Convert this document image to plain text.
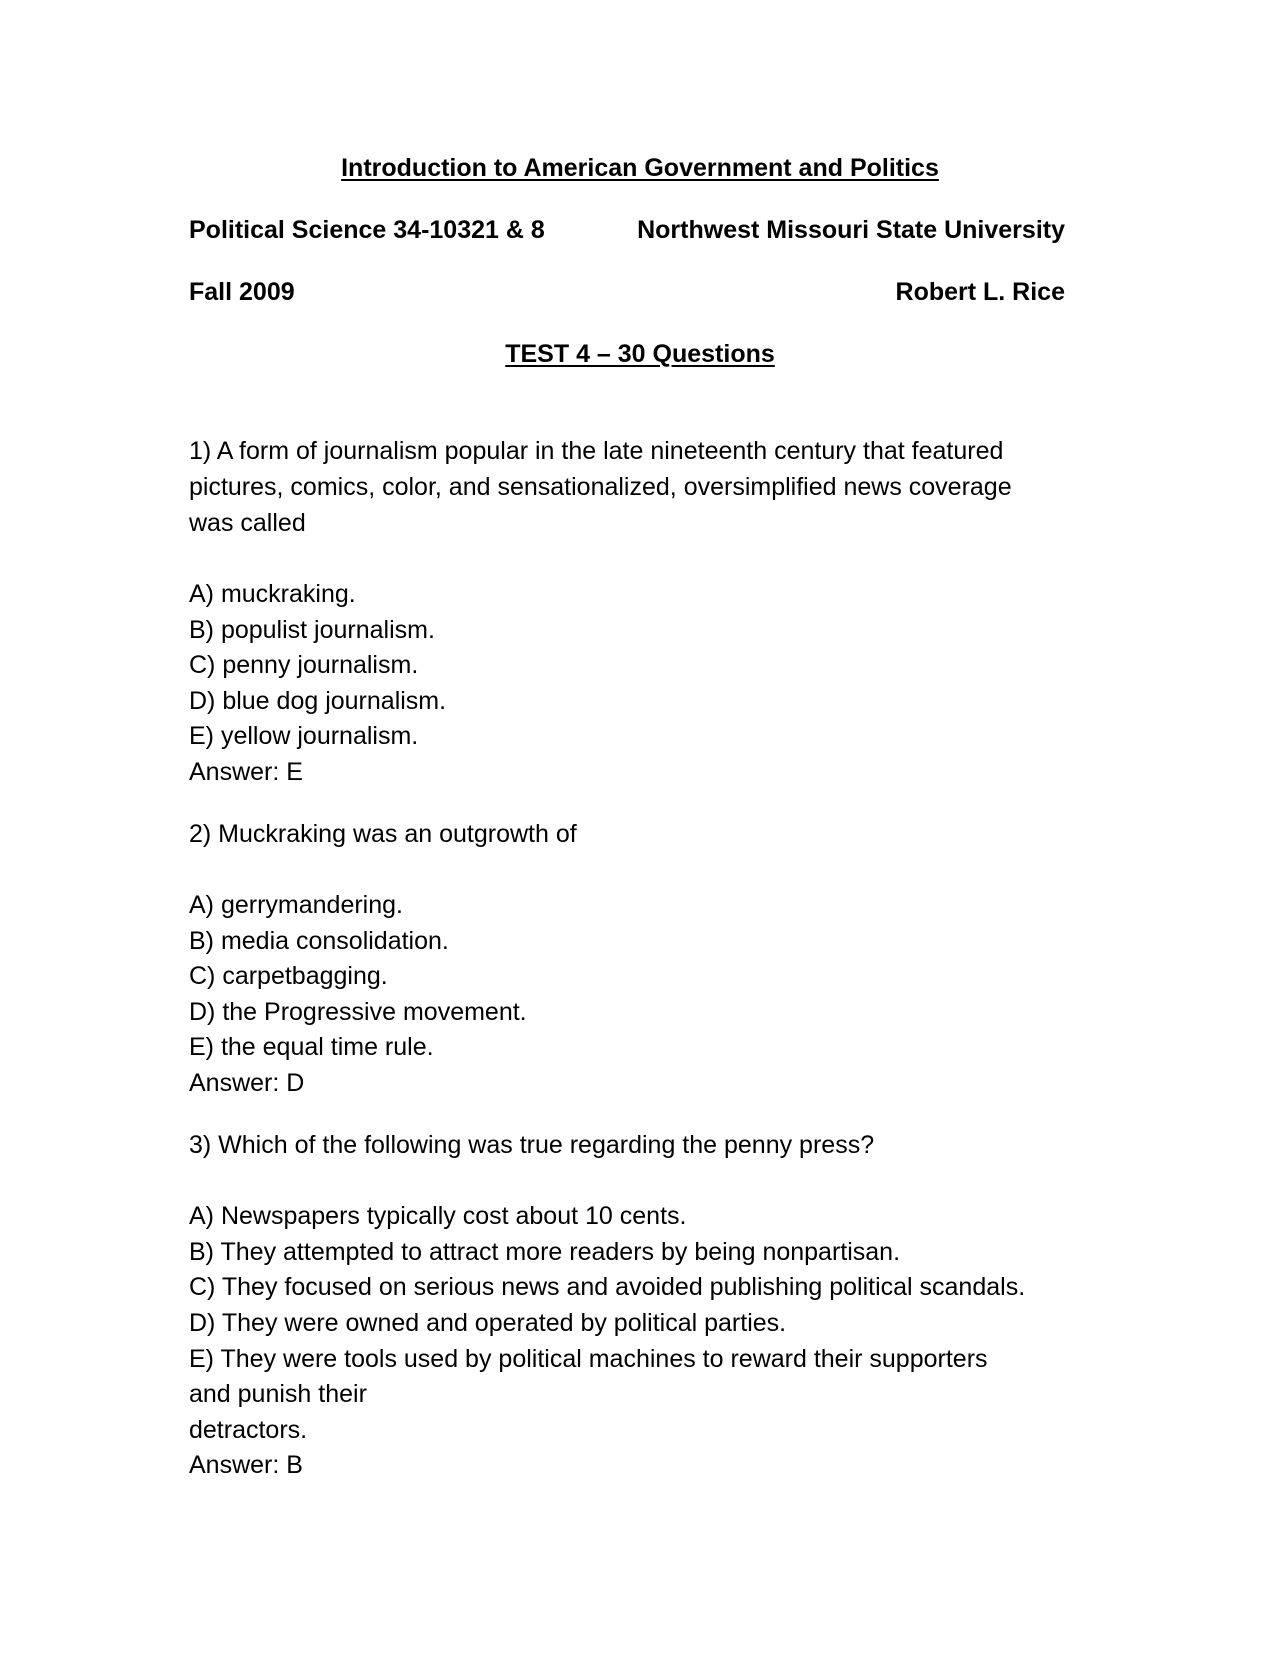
Introduction to American Government and Politics
Political Science 34-10321 & 8	Northwest Missouri State University
Fall 2009	Robert L. Rice
TEST 4 – 30 Questions
1) A form of journalism popular in the late nineteenth century that featured
pictures, comics, color, and sensationalized, oversimplified news coverage
was called
A) muckraking.
B) populist journalism.
C) penny journalism.
D) blue dog journalism.
E) yellow journalism.
Answer: E
2) Muckraking was an outgrowth of
A) gerrymandering.
B) media consolidation.
C) carpetbagging.
D) the Progressive movement.
E) the equal time rule.
Answer: D
3) Which of the following was true regarding the penny press?
A) Newspapers typically cost about 10 cents.
B) They attempted to attract more readers by being nonpartisan.
C) They focused on serious news and avoided publishing political scandals.
D) They were owned and operated by political parties.
E) They were tools used by political machines to reward their supporters
and punish their
detractors.
Answer: B
